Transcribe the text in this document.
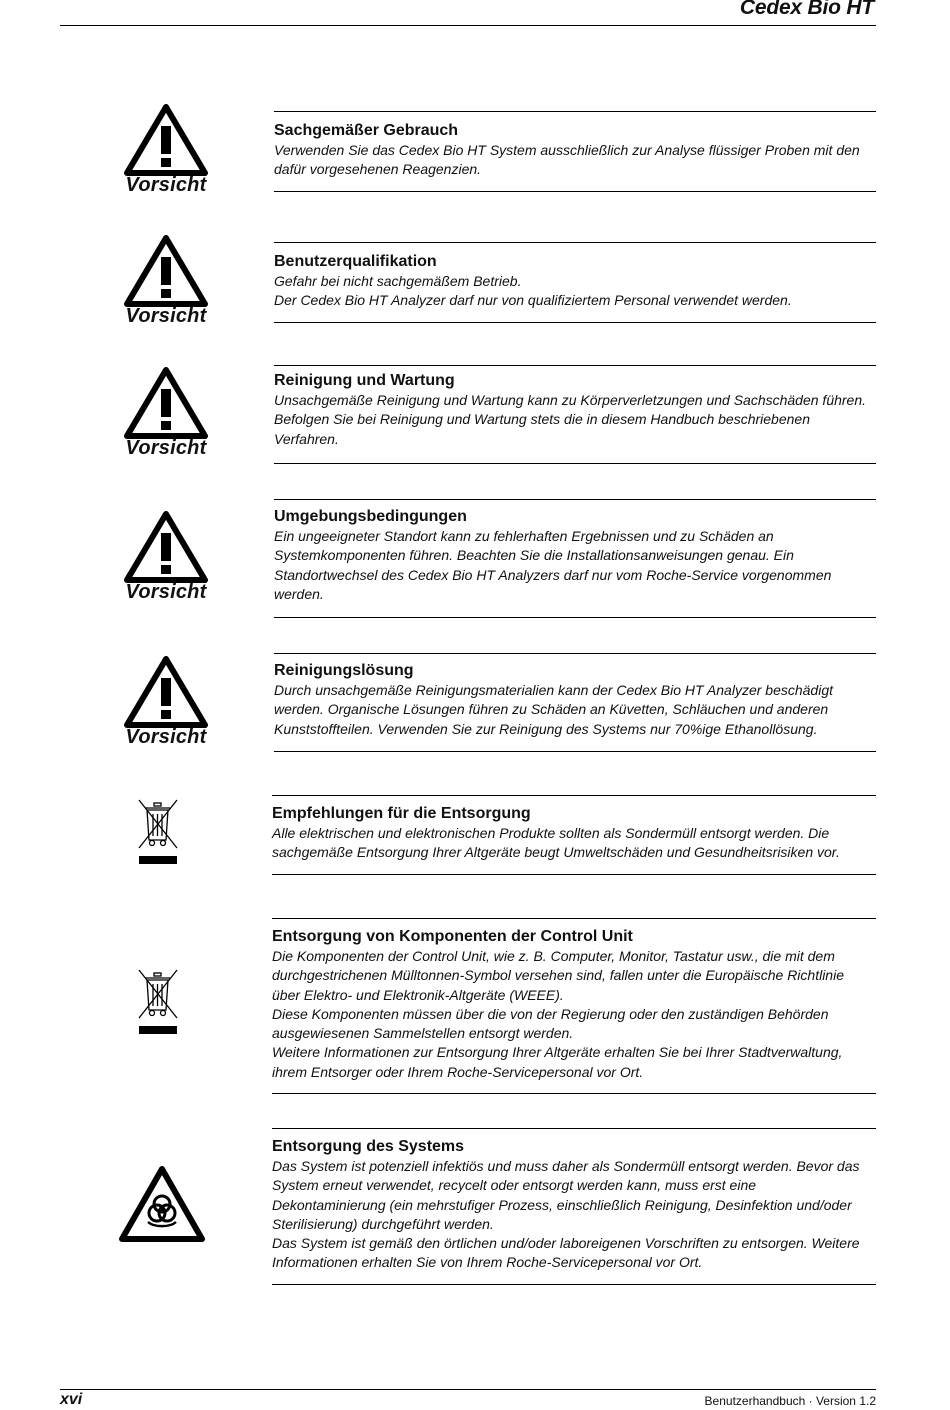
Cedex Bio HT
Vorsicht
Sachgemäßer Gebrauch

Verwenden Sie das Cedex Bio HT System ausschließlich zur Analyse flüssiger Proben mit den
dafür vorgesehenen Reagenzien.

Vorsicht
Benutzerqualifikation

Gefahr bei nicht sachgemäßem Betrieb.
Der Cedex Bio HT Analyzer darf nur von qualifiziertem Personal verwendet werden.

Vorsicht
Reinigung und Wartung

Unsachgemäße Reinigung und Wartung kann zu Körperverletzungen und Sachschäden führen.
Befolgen Sie bei Reinigung und Wartung stets die in diesem Handbuch beschriebenen
Verfahren.

Vorsicht
Umgebungsbedingungen

Ein ungeeigneter Standort kann zu fehlerhaften Ergebnissen und zu Schäden an
Systemkomponenten führen. Beachten Sie die Installationsanweisungen genau. Ein
Standortwechsel des Cedex Bio HT Analyzers darf nur vom Roche-Service vorgenommen
werden.

Vorsicht
Reinigungslösung

Durch unsachgemäße Reinigungsmaterialien kann der Cedex Bio HT Analyzer beschädigt
werden. Organische Lösungen führen zu Schäden an Küvetten, Schläuchen und anderen
Kunststoffteilen. Verwenden Sie zur Reinigung des Systems nur 70%ige Ethanollösung.

Empfehlungen für die Entsorgung

Alle elektrischen und elektronischen Produkte sollten als Sondermüll entsorgt werden. Die
sachgemäße Entsorgung Ihrer Altgeräte beugt Umweltschäden und Gesundheitsrisiken vor.

Entsorgung von Komponenten der Control Unit

Die Komponenten der Control Unit, wie z. B. Computer, Monitor, Tastatur usw., die mit dem
durchgestrichenen Mülltonnen-Symbol versehen sind, fallen unter die Europäische Richtlinie
über Elektro- und Elektronik-Altgeräte (WEEE).
Diese Komponenten müssen über die von der Regierung oder den zuständigen Behörden
ausgewiesenen Sammelstellen entsorgt werden.
Weitere Informationen zur Entsorgung Ihrer Altgeräte erhalten Sie bei Ihrer Stadtverwaltung,
ihrem Entsorger oder Ihrem Roche-Servicepersonal vor Ort.

Entsorgung des Systems

Das System ist potenziell infektiös und muss daher als Sondermüll entsorgt werden. Bevor das
System erneut verwendet, recycelt oder entsorgt werden kann, muss erst eine
Dekontaminierung (ein mehrstufiger Prozess, einschließlich Reinigung, Desinfektion und/oder
Sterilisierung) durchgeführt werden.
Das System ist gemäß den örtlichen und/oder laboreigenen Vorschriften zu entsorgen. Weitere
Informationen erhalten Sie von Ihrem Roche-Servicepersonal vor Ort.

xvi	Benutzerhandbuch · Version 1.2
